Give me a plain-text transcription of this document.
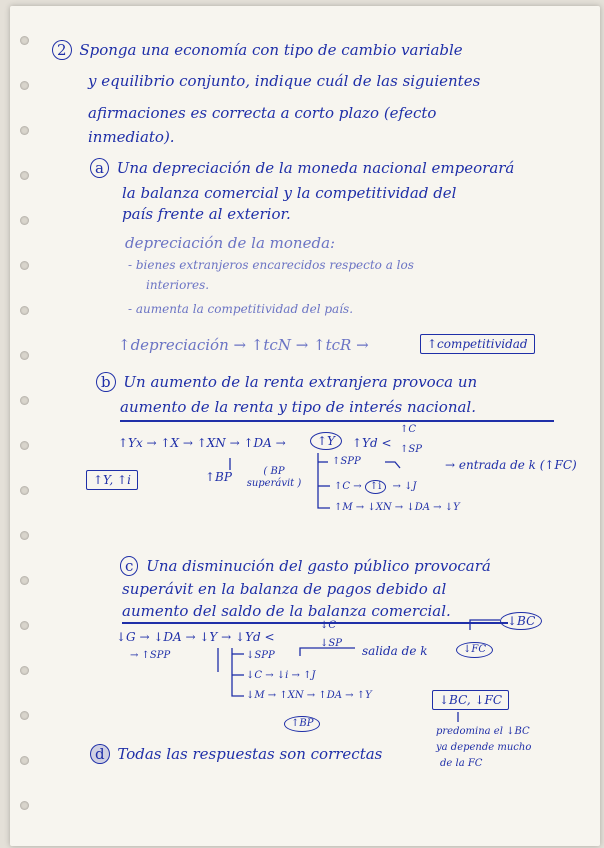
2 Sponga una economía con tipo de cambio variable
y equilibrio conjunto, indique cuál de las siguientes
afirmaciones es correcta a corto plazo (efecto
inmediato).
a Una depreciación de la moneda nacional empeorará
la balanza comercial y la competitividad del
país frente al exterior.
depreciación de la moneda:
- bienes extranjeros encarecidos respecto a los
interiores.
- aumenta la competitividad del país.
↑depreciación → ↑tcN → ↑tcR →	↑competitividad
b Un aumento de la renta extranjera provoca un
aumento de la renta y tipo de interés nacional.
↑Yx → ↑X → ↑XN → ↑DA →	↑Y	↑Yd <
↑C
↑SP
↑Y, ↑i	↑BP	( BP superávit )
↑SPP
↑C → ↑i → ↓J
→ entrada de k (↑FC)
↑M → ↓XN → ↓DA → ↓Y
c Una disminución del gasto público provocará
superávit en la balanza de pagos debido al
aumento del saldo de la balanza comercial.
↓G → ↓DA → ↓Y → ↓Yd <
↓C
↓SP
↓BC
→ ↑SPP	↓SPP	salida de k	↓FC
↓C → ↓i → ↑J
↓M → ↑XN → ↑DA → ↑Y	↓BC, ↓FC
↑BP
predomina el ↓BC
ya depende mucho
de la FC
d Todas las respuestas son correctas
